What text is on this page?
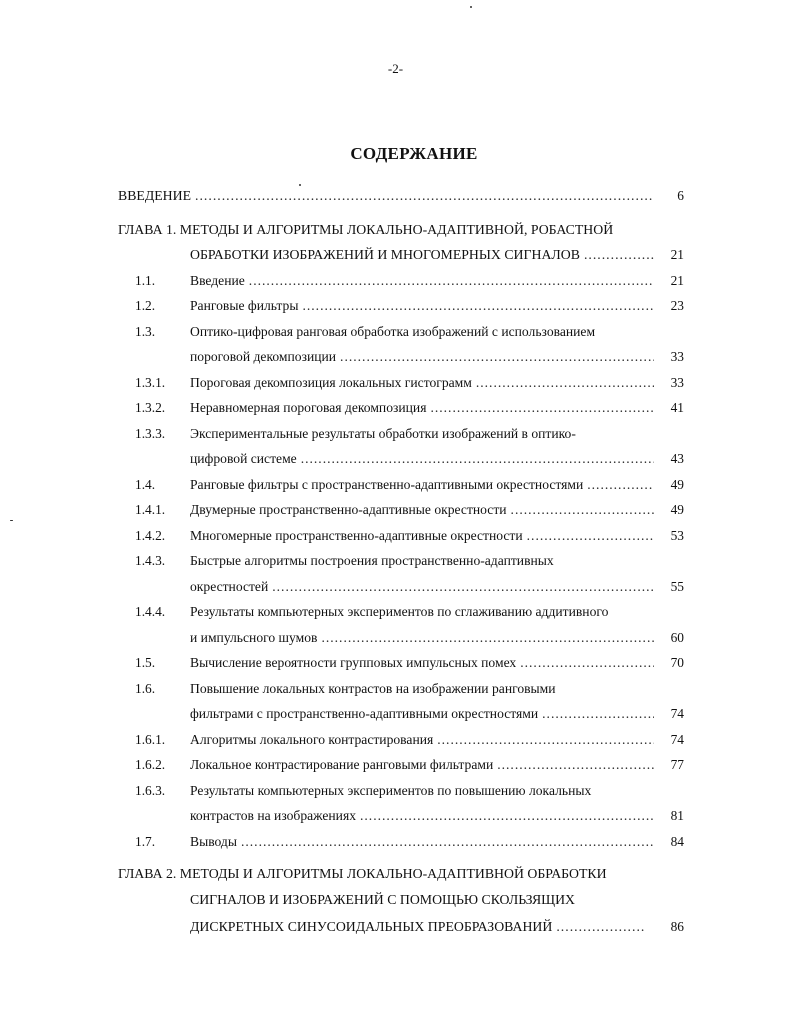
-2-
СОДЕРЖАНИЕ
ВВЕДЕНИЕ .....	6
ГЛАВА 1. МЕТОДЫ И АЛГОРИТМЫ ЛОКАЛЬНО-АДАПТИВНОЙ, РОБАСТНОЙ
ОБРАБОТКИ ИЗОБРАЖЕНИЙ И МНОГОМЕРНЫХ СИГНАЛОВ .....	21
1.1.	Введение .....	21
1.2.	Ранговые фильтры .....	23
1.3.	Оптико-цифровая ранговая обработка изображений с использованием
пороговой декомпозиции .....	33
1.3.1. Пороговая декомпозиция локальных гистограмм .....	33
1.3.2. Неравномерная пороговая декомпозиция .....	41
1.3.3. Экспериментальные результаты обработки изображений в оптико-
цифровой системе .....	43
1.4.	Ранговые фильтры с пространственно-адаптивными окрестностями .....	49
1.4.1. Двумерные пространственно-адаптивные окрестности .....	49
1.4.2. Многомерные пространственно-адаптивные окрестности .....	53
1.4.3. Быстрые алгоритмы построения пространственно-адаптивных
окрестностей .....	55
1.4.4. Результаты компьютерных экспериментов по сглаживанию аддитивного
и импульсного шумов .....	60
1.5.	Вычисление вероятности групповых импульсных помех .....	70
1.6.	Повышение локальных контрастов на изображении ранговыми
фильтрами с пространственно-адаптивными окрестностями .....	74
1.6.1. Алгоритмы локального контрастирования .....	74
1.6.2. Локальное контрастирование ранговыми фильтрами .....	77
1.6.3. Результаты компьютерных экспериментов по повышению локальных
контрастов на изображениях .....	81
1.7.	Выводы .....	84
ГЛАВА 2. МЕТОДЫ И АЛГОРИТМЫ ЛОКАЛЬНО-АДАПТИВНОЙ ОБРАБОТКИ
СИГНАЛОВ И ИЗОБРАЖЕНИЙ С ПОМОЩЬЮ СКОЛЬЗЯЩИХ
ДИСКРЕТНЫХ СИНУСОИДАЛЬНЫХ ПРЕОБРАЗОВАНИЙ .....	86
